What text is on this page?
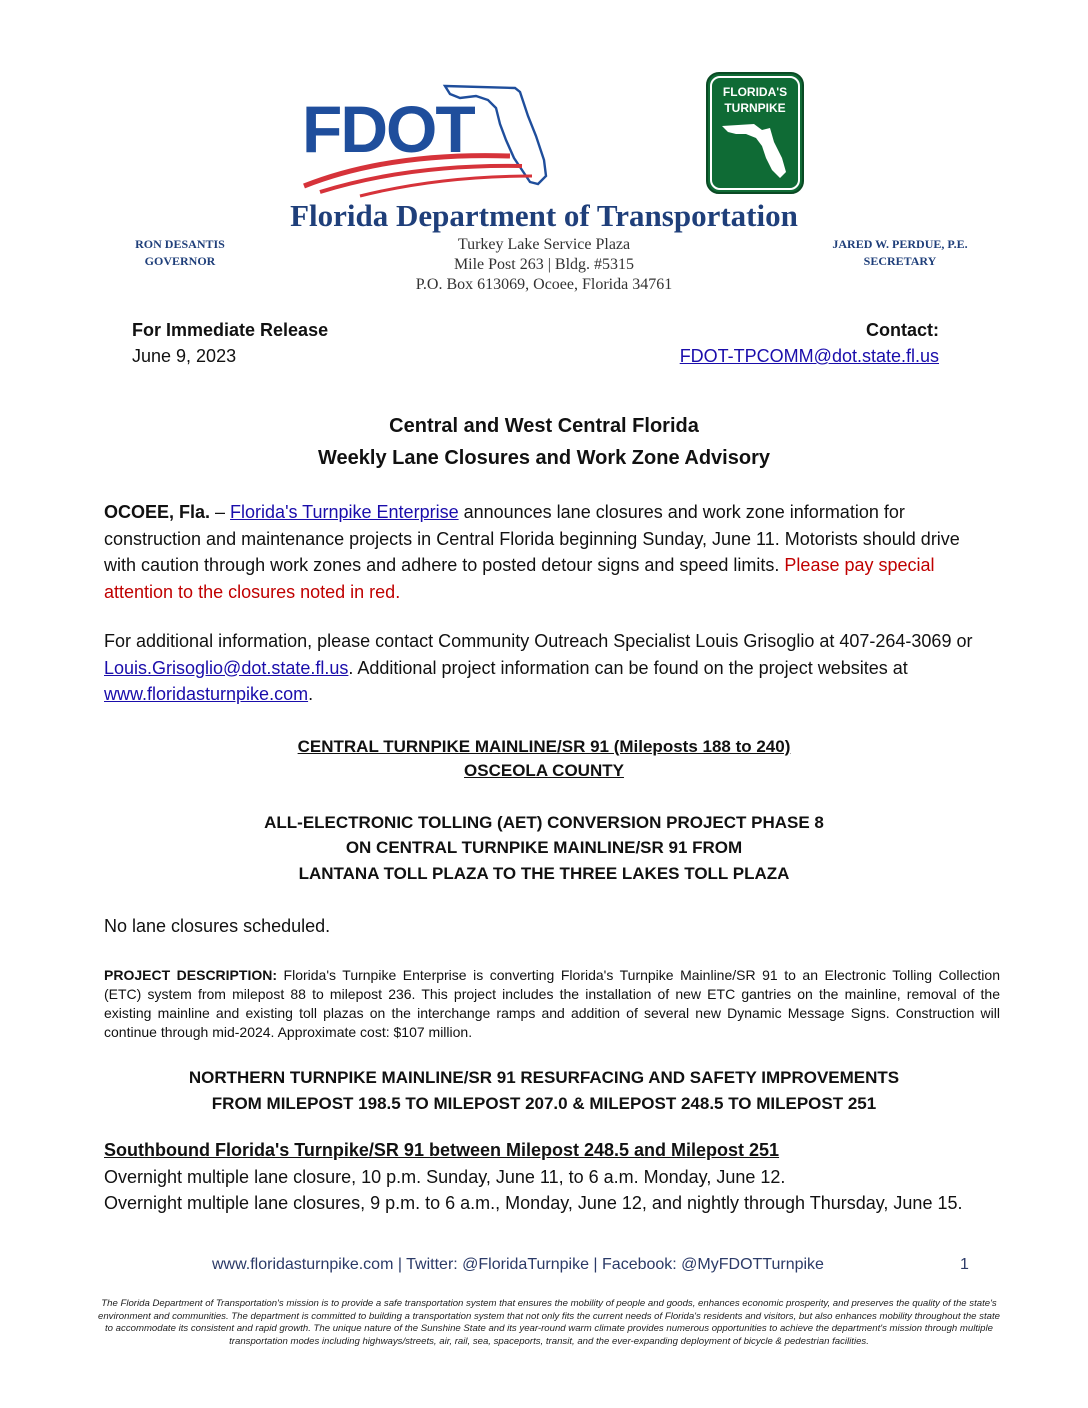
FDOT	FLORIDA'S
TURNPIKE
Florida Department of Transportation
RON DESANTIS
GOVERNOR
JARED W. PERDUE, P.E.
SECRETARY
Turkey Lake Service Plaza
Mile Post 263 | Bldg. #5315
P.O. Box 613069, Ocoee, Florida 34761
For Immediate Release
June 9, 2023
Contact:
FDOT-TPCOMM@dot.state.fl.us
Central and West Central Florida
Weekly Lane Closures and Work Zone Advisory
OCOEE, Fla. – Florida's Turnpike Enterprise announces lane closures and work zone information for construction and maintenance projects in Central Florida beginning Sunday, June 11. Motorists should drive with caution through work zones and adhere to posted detour signs and speed limits. Please pay special attention to the closures noted in red.
For additional information, please contact Community Outreach Specialist Louis Grisoglio at 407-264-3069 or Louis.Grisoglio@dot.state.fl.us. Additional project information can be found on the project websites at www.floridasturnpike.com.
CENTRAL TURNPIKE MAINLINE/SR 91 (Mileposts 188 to 240)
OSCEOLA COUNTY
ALL-ELECTRONIC TOLLING (AET) CONVERSION PROJECT PHASE 8
ON CENTRAL TURNPIKE MAINLINE/SR 91 FROM
LANTANA TOLL PLAZA TO THE THREE LAKES TOLL PLAZA
No lane closures scheduled.
PROJECT DESCRIPTION: Florida's Turnpike Enterprise is converting Florida's Turnpike Mainline/SR 91 to an Electronic Tolling Collection (ETC) system from milepost 88 to milepost 236. This project includes the installation of new ETC gantries on the mainline, removal of the existing mainline and existing toll plazas on the interchange ramps and addition of several new Dynamic Message Signs. Construction will continue through mid-2024. Approximate cost: $107 million.
NORTHERN TURNPIKE MAINLINE/SR 91 RESURFACING AND SAFETY IMPROVEMENTS
FROM MILEPOST 198.5 TO MILEPOST 207.0 & MILEPOST 248.5 TO MILEPOST 251
Southbound Florida's Turnpike/SR 91 between Milepost 248.5 and Milepost 251
Overnight multiple lane closure, 10 p.m. Sunday, June 11, to 6 a.m. Monday, June 12.
Overnight multiple lane closures, 9 p.m. to 6 a.m., Monday, June 12, and nightly through Thursday, June 15.
www.floridasturnpike.com | Twitter: @FloridaTurnpike | Facebook: @MyFDOTTurnpike	1
The Florida Department of Transportation's mission is to provide a safe transportation system that ensures the mobility of people and goods, enhances economic prosperity, and preserves the quality of the state's environment and communities. The department is committed to building a transportation system that not only fits the current needs of Florida's residents and visitors, but also enhances mobility throughout the state to accommodate its consistent and rapid growth. The unique nature of the Sunshine State and its year-round warm climate provides numerous opportunities to achieve the department's mission through multiple transportation modes including highways/streets, air, rail, sea, spaceports, transit, and the ever-expanding deployment of bicycle & pedestrian facilities.
